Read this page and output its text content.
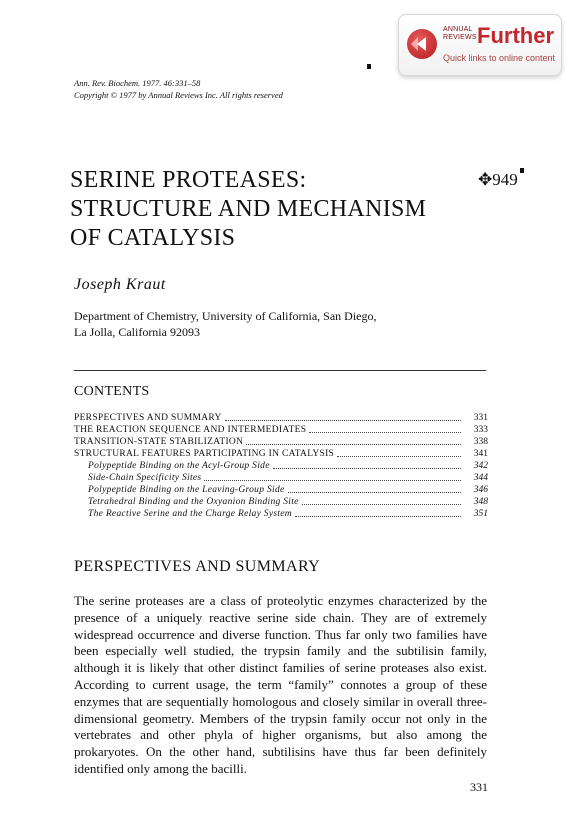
ANNUAL
REVIEWS Further
Quick links to online content
Ann. Rev. Biochem. 1977. 46:331–58
Copyright © 1977 by Annual Reviews Inc. All rights reserved
SERINE PROTEASES:
STRUCTURE AND MECHANISM
OF CATALYSIS
✥949
Joseph Kraut
Department of Chemistry, University of California, San Diego,
La Jolla, California 92093
CONTENTS
PERSPECTIVES AND SUMMARY	331
THE REACTION SEQUENCE AND INTERMEDIATES	333
TRANSITION-STATE STABILIZATION	338
STRUCTURAL FEATURES PARTICIPATING IN CATALYSIS	341
Polypeptide Binding on the Acyl-Group Side	342
Side-Chain Specificity Sites	344
Polypeptide Binding on the Leaving-Group Side	346
Tetrahedral Binding and the Oxyanion Binding Site	348
The Reactive Serine and the Charge Relay System	351
PERSPECTIVES AND SUMMARY

The serine proteases are a class of proteolytic enzymes characterized by the presence of a uniquely reactive serine side chain. They are of extremely widespread occurrence and diverse function. Thus far only two families have been especially well studied, the trypsin family and the subtilisin family, although it is likely that other distinct families of serine proteases also exist. According to current usage, the term “family” connotes a group of these enzymes that are sequentially homologous and closely similar in overall three-dimensional geometry. Members of the trypsin family occur not only in the vertebrates and other phyla of higher organisms, but also among the prokaryotes. On the other hand, subtilisins have thus far been definitely identified only among the bacilli.

331
